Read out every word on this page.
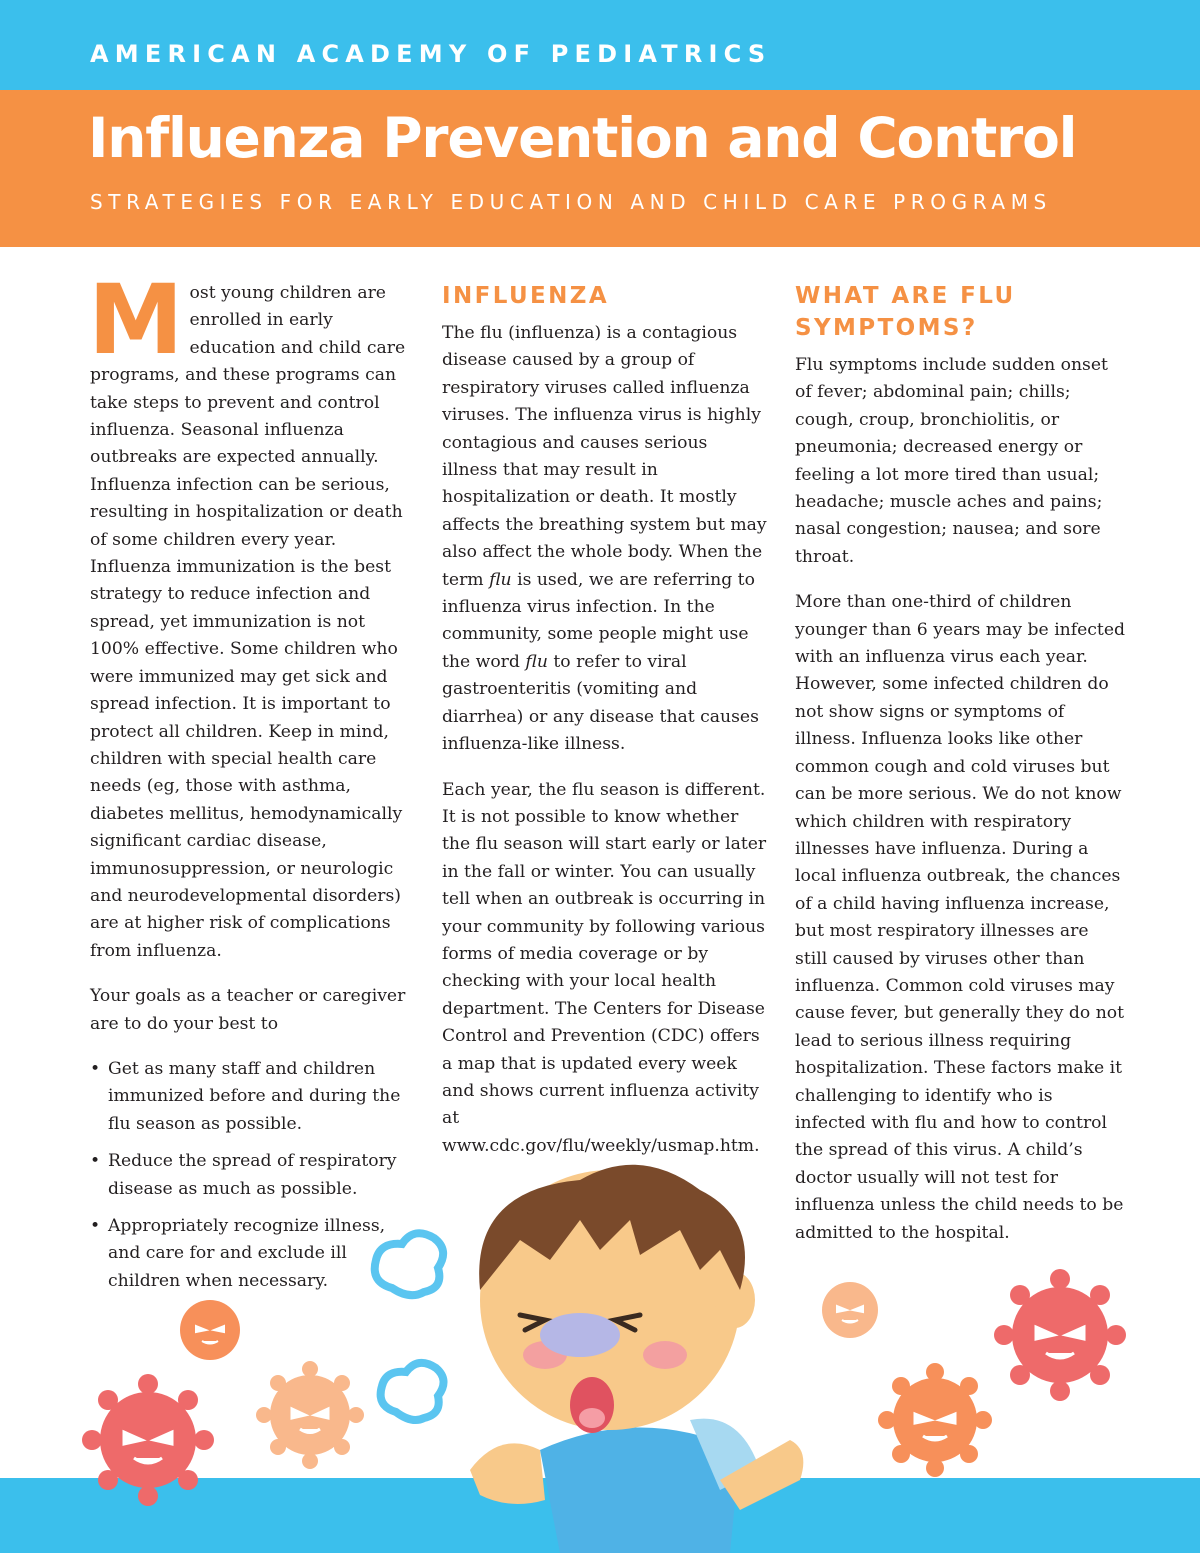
AMERICAN ACADEMY OF PEDIATRICS
Influenza Prevention and Control
STRATEGIES FOR EARLY EDUCATION AND CHILD CARE PROGRAMS

Most young children are enrolled in early education and child care programs, and these programs can take steps to prevent and control influenza. Seasonal influenza outbreaks are expected annually. Influenza infection can be serious, resulting in hospitalization or death of some children every year. Influenza immunization is the best strategy to reduce infection and spread, yet immunization is not 100% effective. Some children who were immunized may get sick and spread infection. It is important to protect all children. Keep in mind, children with special health care needs (eg, those with asthma, diabetes mellitus, hemodynamically significant cardiac disease, immunosuppression, or neurologic and neurodevelopmental disorders) are at higher risk of complications from influenza.

Your goals as a teacher or caregiver are to do your best to

• Get as many staff and children immunized before and during the flu season as possible.
• Reduce the spread of respiratory disease as much as possible.
• Appropriately recognize illness, and care for and exclude ill children when necessary.
INFLUENZA

The flu (influenza) is a contagious disease caused by a group of respiratory viruses called influenza viruses. The influenza virus is highly contagious and causes serious illness that may result in hospitalization or death. It mostly affects the breathing system but may also affect the whole body. When the term flu is used, we are referring to influenza virus infection. In the community, some people might use the word flu to refer to viral gastroenteritis (vomiting and diarrhea) or any disease that causes influenza-like illness.

Each year, the flu season is different. It is not possible to know whether the flu season will start early or later in the fall or winter. You can usually tell when an outbreak is occurring in your community by following various forms of media coverage or by checking with your local health department. The Centers for Disease Control and Prevention (CDC) offers a map that is updated every week and shows current influenza activity at www.cdc.gov/flu/weekly/usmap.htm.

WHAT ARE FLU SYMPTOMS?

Flu symptoms include sudden onset of fever; abdominal pain; chills; cough, croup, bronchiolitis, or pneumonia; decreased energy or feeling a lot more tired than usual; headache; muscle aches and pains; nasal congestion; nausea; and sore throat.

More than one-third of children younger than 6 years may be infected with an influenza virus each year. However, some infected children do not show signs or symptoms of illness. Influenza looks like other common cough and cold viruses but can be more serious. We do not know which children with respiratory illnesses have influenza. During a local influenza outbreak, the chances of a child having influenza increase, but most respiratory illnesses are still caused by viruses other than influenza. Common cold viruses may cause fever, but generally they do not lead to serious illness requiring hospitalization. These factors make it challenging to identify who is infected with flu and how to control the spread of this virus. A child’s doctor usually will not test for influenza unless the child needs to be admitted to the hospital.
